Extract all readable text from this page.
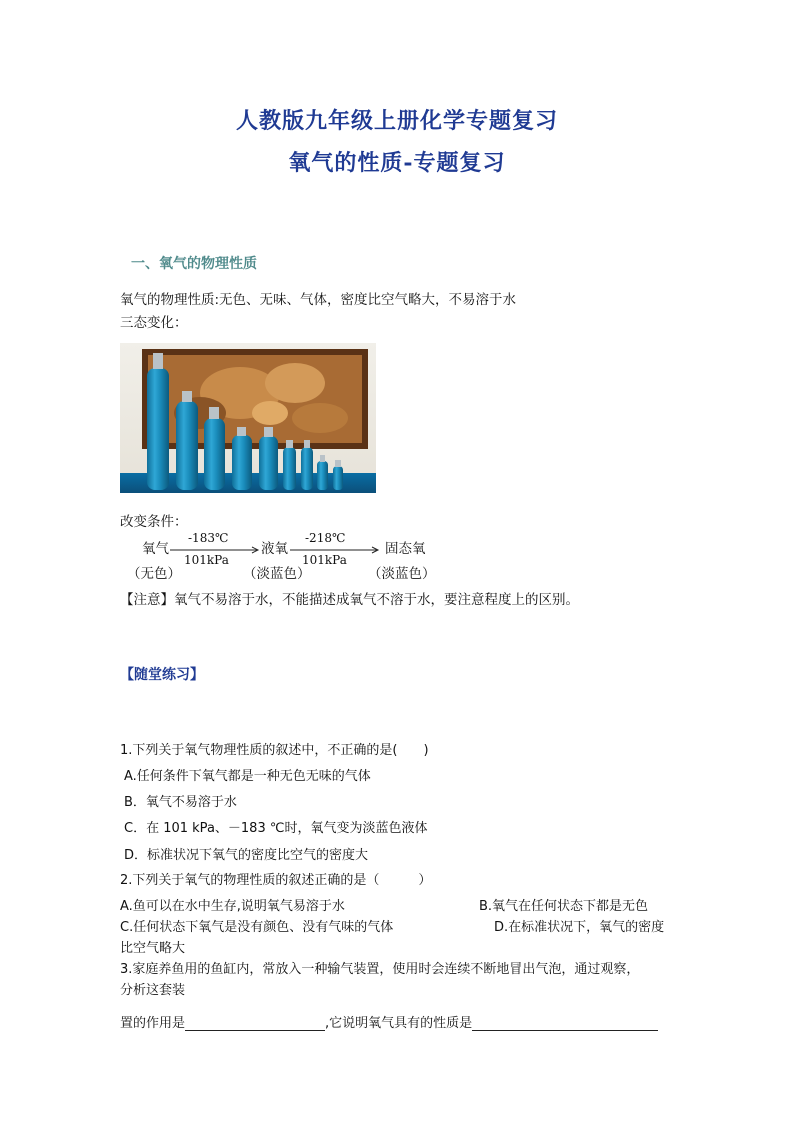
人教版九年级上册化学专题复习
氧气的性质-专题复习
一、氧气的物理性质
氧气的物理性质:无色、无味、气体，密度比空气略大，不易溶于水
三态变化：
改变条件：
氧气
-183℃
101kPa
液氧
-218℃
101kPa
固态氧
（无色）	（淡蓝色）	（淡蓝色）
【注意】氧气不易溶于水，不能描述成氧气不溶于水，要注意程度上的区别。
【随堂练习】
1.下列关于氧气物理性质的叙述中，不正确的是(　　)
A.任何条件下氧气都是一种无色无味的气体
B．氧气不易溶于水
C．在 101 kPa、－183 ℃时，氧气变为淡蓝色液体
D．标准状况下氧气的密度比空气的密度大
2.下列关于氧气的物理性质的叙述正确的是（　　　）
A.鱼可以在水中生存,说明氧气易溶于水	B.氧气在任何状态下都是无色
C.任何状态下氧气是没有颜色、没有气味的气体	D.在标准状况下，氧气的密度
比空气略大
3.家庭养鱼用的鱼缸内，常放入一种输气装置，使用时会连续不断地冒出气泡，通过观察，
分析这套装
置的作用是	,它说明氧气具有的性质是
